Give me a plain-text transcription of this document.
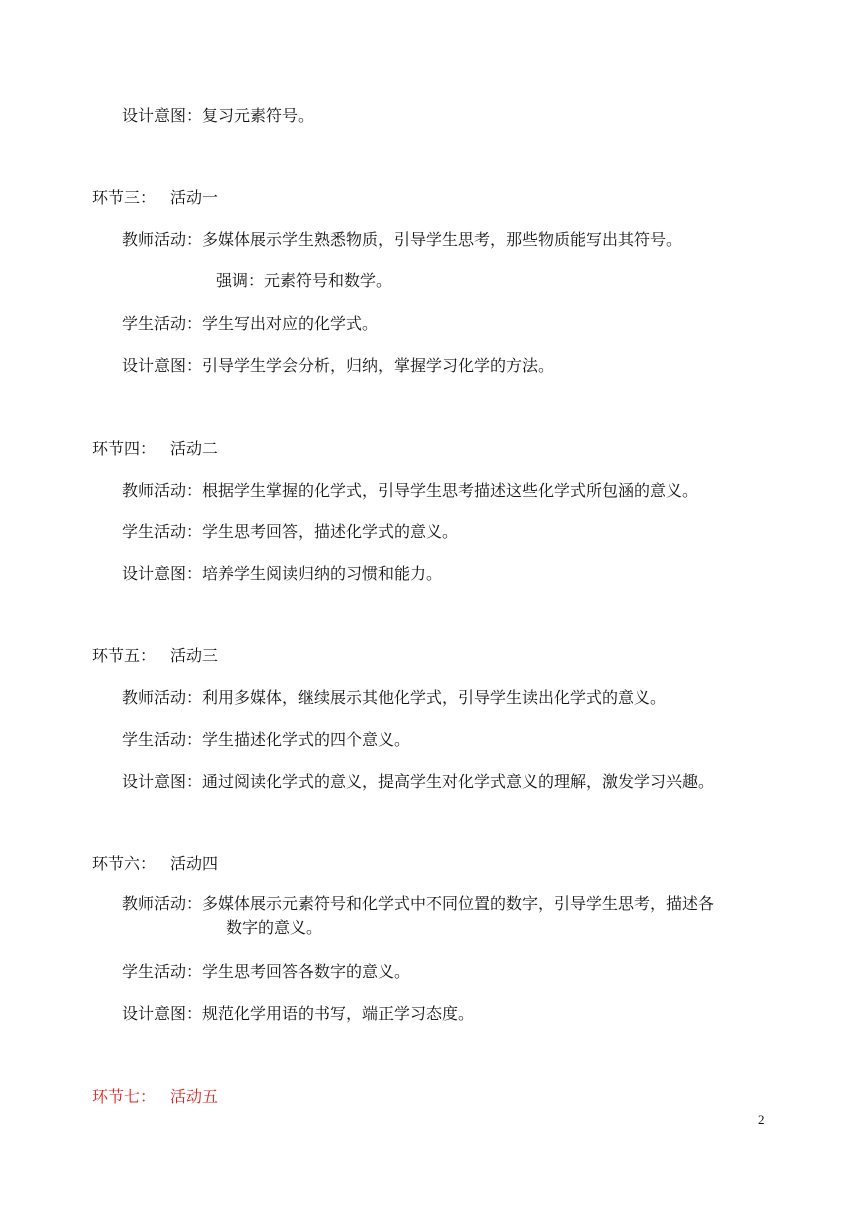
设计意图：复习元素符号。
环节三： 活动一
教师活动：多媒体展示学生熟悉物质，引导学生思考，那些物质能写出其符号。
强调：元素符号和数学。
学生活动：学生写出对应的化学式。
设计意图：引导学生学会分析，归纳，掌握学习化学的方法。
环节四： 活动二
教师活动：根据学生掌握的化学式，引导学生思考描述这些化学式所包涵的意义。
学生活动：学生思考回答，描述化学式的意义。
设计意图：培养学生阅读归纳的习惯和能力。
环节五： 活动三
教师活动：利用多媒体，继续展示其他化学式，引导学生读出化学式的意义。
学生活动：学生描述化学式的四个意义。
设计意图：通过阅读化学式的意义，提高学生对化学式意义的理解，激发学习兴趣。
环节六： 活动四
教师活动：多媒体展示元素符号和化学式中不同位置的数字，引导学生思考，描述各
数字的意义。
学生活动：学生思考回答各数字的意义。
设计意图：规范化学用语的书写，端正学习态度。
环节七： 活动五
2
